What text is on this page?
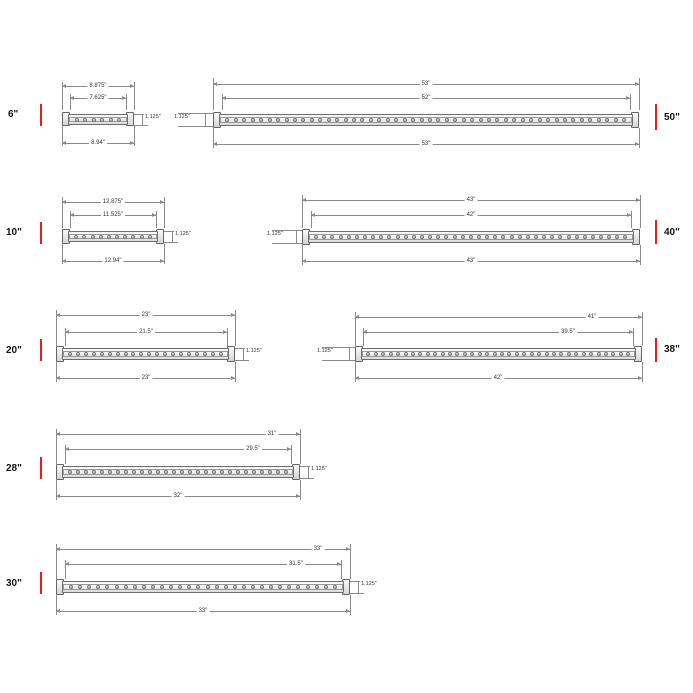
6"
8.875"
7.625"
1.125"
8.94"
50"
53"
52"
1.125"
53"
10"
12.875"
11.525"
1.125"
12.94"
40"
43"
42"
1.125"
43"
20"
23"
21.5"
1.125"
23"
38"
41"
39.5"
1.125"
42"
28"
31"
29.5"
1.125"
32"
30"
33"
31.5"
1.125"
33"
